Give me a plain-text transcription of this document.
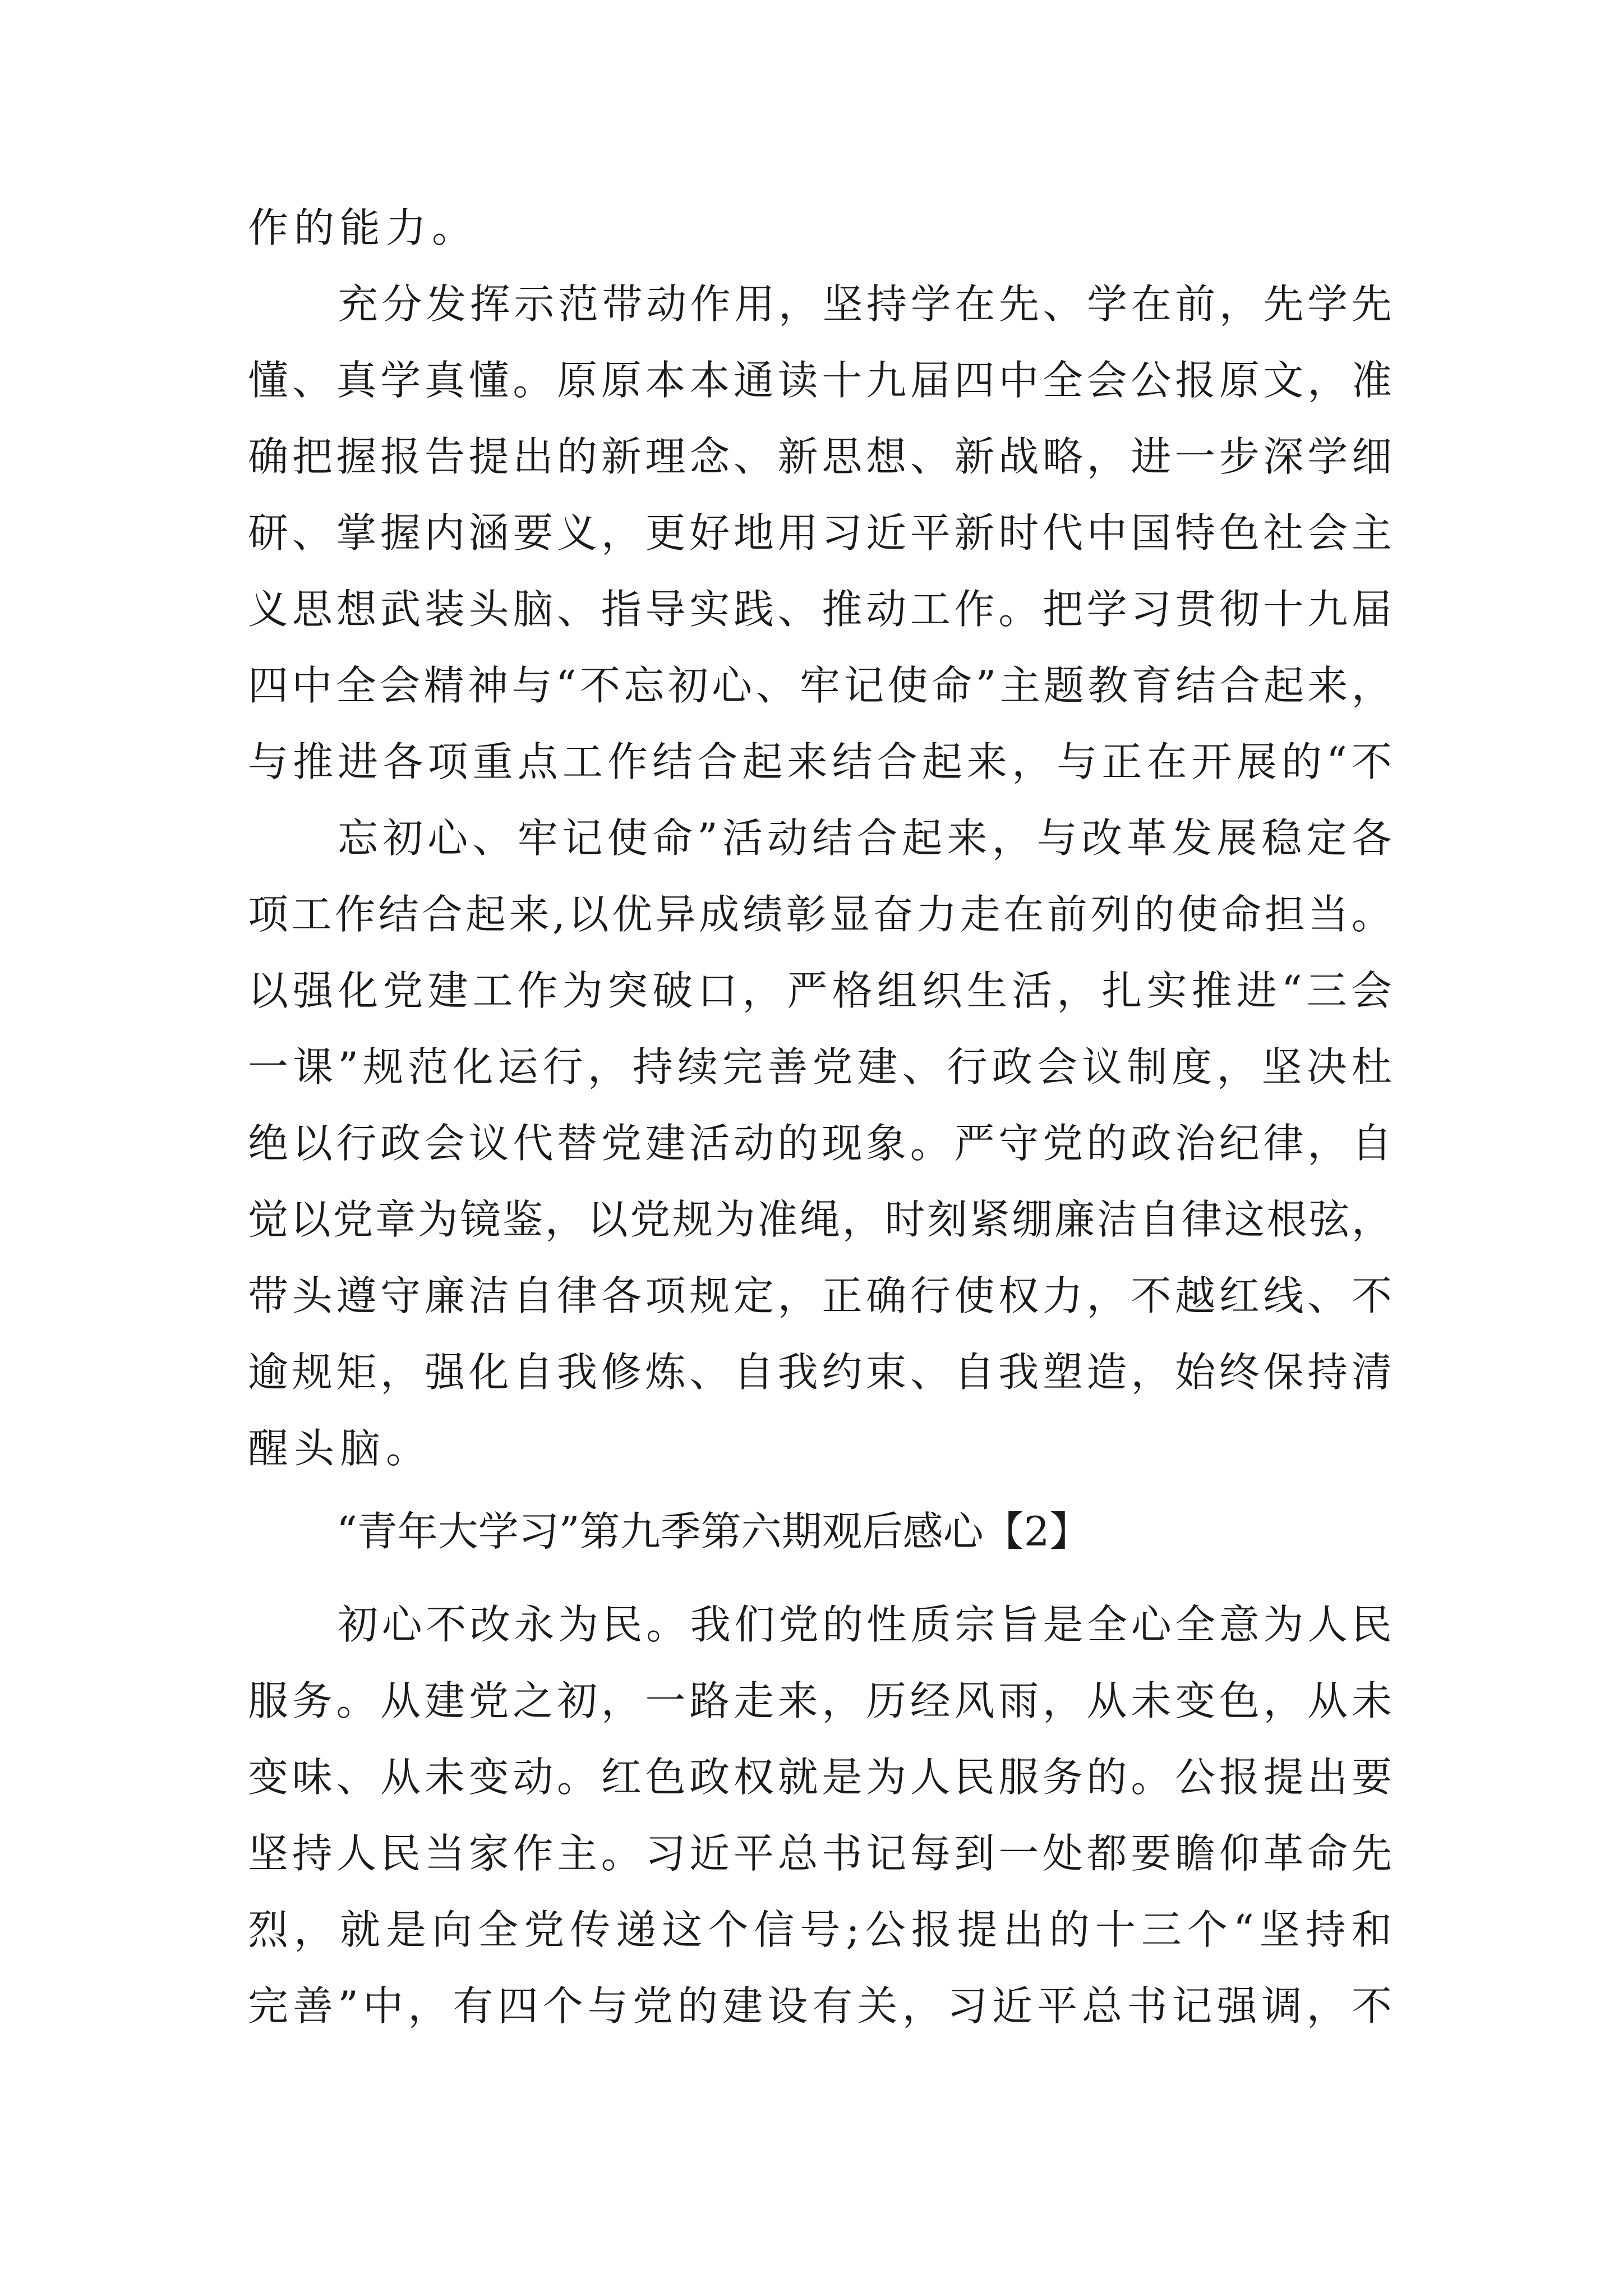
作 的 能 力 。
充 分 发 挥 示 范 带 动 作 用 ， 坚 持 学 在 先 、 学 在 前 ， 先 学 先
懂 、 真 学 真 懂 。 原 原 本 本 通 读 十 九 届 四 中 全 会 公 报 原 文 ， 准
确 把 握 报 告 提 出 的 新 理 念 、 新 思 想 、 新 战 略 ， 进 一 步 深 学 细
研 、 掌 握 内 涵 要 义 ， 更 好 地 用 习 近 平 新 时 代 中 国 特 色 社 会 主
义 思 想 武 装 头 脑 、 指 导 实 践 、 推 动 工 作 。 把 学 习 贯 彻 十 九 届
四 中 全 会 精 神 与 “ 不 忘 初 心 、 牢 记 使 命 ” 主 题 教 育 结 合 起 来 ，
与 推 进 各 项 重 点 工 作 结 合 起 来 结 合 起 来 ， 与 正 在 开 展 的 “ 不
忘 初 心 、 牢 记 使 命 ” 活 动 结 合 起 来 ， 与 改 革 发 展 稳 定 各
项 工 作 结 合 起 来 , 以 优 异 成 绩 彰 显 奋 力 走 在 前 列 的 使 命 担 当 。
以 强 化 党 建 工 作 为 突 破 口 ， 严 格 组 织 生 活 ， 扎 实 推 进 “ 三 会
一 课 ” 规 范 化 运 行 ， 持 续 完 善 党 建 、 行 政 会 议 制 度 ， 坚 决 杜
绝 以 行 政 会 议 代 替 党 建 活 动 的 现 象 。 严 守 党 的 政 治 纪 律 ， 自
觉 以 党 章 为 镜 鉴 ， 以 党 规 为 准 绳 ， 时 刻 紧 绷 廉 洁 自 律 这 根 弦 ，
带 头 遵 守 廉 洁 自 律 各 项 规 定 ， 正 确 行 使 权 力 ， 不 越 红 线 、 不
逾 规 矩 ， 强 化 自 我 修 炼 、 自 我 约 束 、 自 我 塑 造 ， 始 终 保 持 清
醒 头 脑 。
“青年大学习”第九季第六期观后感心【2】
初 心 不 改 永 为 民 。 我 们 党 的 性 质 宗 旨 是 全 心 全 意 为 人 民
服 务 。 从 建 党 之 初 ， 一 路 走 来 ， 历 经 风 雨 ， 从 未 变 色 ， 从 未
变 味 、 从 未 变 动 。 红 色 政 权 就 是 为 人 民 服 务 的 。 公 报 提 出 要
坚 持 人 民 当 家 作 主 。 习 近 平 总 书 记 每 到 一 处 都 要 瞻 仰 革 命 先
烈 ， 就 是 向 全 党 传 递 这 个 信 号 ; 公 报 提 出 的 十 三 个 “ 坚 持 和
完 善 ” 中 ， 有 四 个 与 党 的 建 设 有 关 ， 习 近 平 总 书 记 强 调 ， 不
